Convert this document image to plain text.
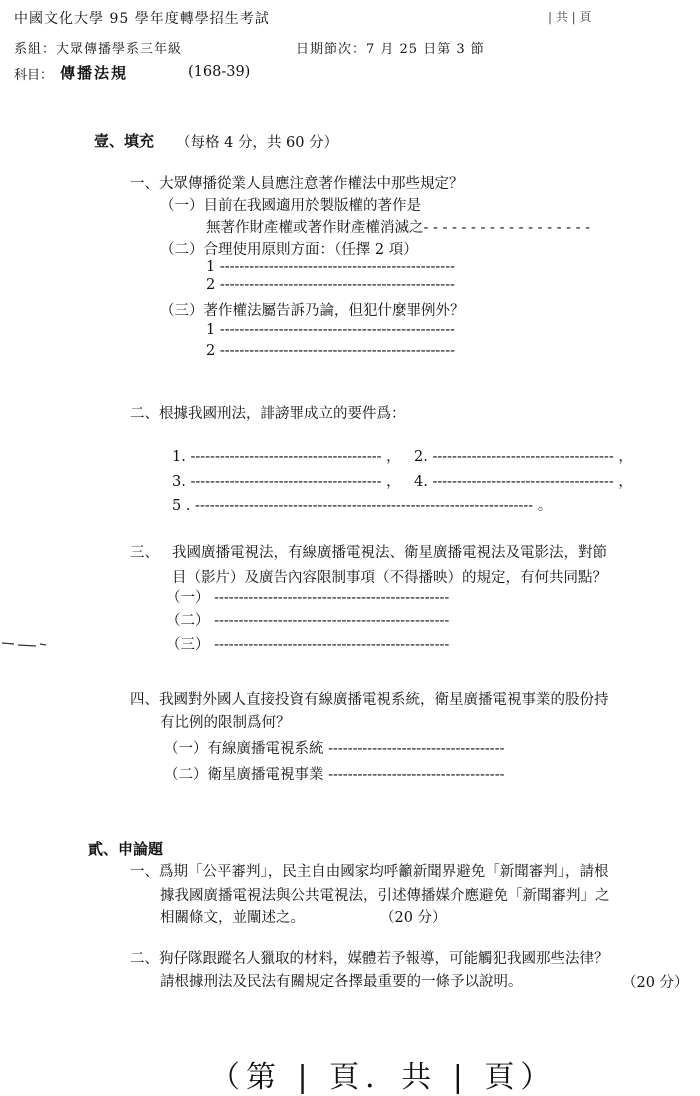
中國文化大學 95 學年度轉學招生考試	| 共 | 頁
系組：大眾傳播學系三年級	日期節次：7 月 25 日第 3 節
科目： 傳播法規	(168-39)
壹、填充 （每格 4 分，共 60 分）
一、大眾傳播從業人員應注意著作權法中那些規定？
（一）目前在我國適用於製版權的著作是
無著作財產權或著作財產權消滅之- - - - - - - - - - - - - - - - - -
（二）合理使用原則方面：（任擇 2 項）
1 ------------------------------------------------
2 ------------------------------------------------
（三）著作權法屬告訴乃論，但犯什麼罪例外？
1 ------------------------------------------------
2 ------------------------------------------------
二、根據我國刑法，誹謗罪成立的要件爲：
1. --------------------------------------- ， 2. ------------------------------------- ，
3. --------------------------------------- ， 4. ------------------------------------- ，
5 . --------------------------------------------------------------------- 。
三、 我國廣播電視法，有線廣播電視法、衛星廣播電視法及電影法，對節
目（影片）及廣告內容限制事項（不得播映）的規定，有何共同點？
（一） ------------------------------------------------
（二） ------------------------------------------------
（三） ------------------------------------------------
四、我國對外國人直接投資有線廣播電視系統，衛星廣播電視事業的股份持
有比例的限制爲何？
（一）有線廣播電視系統 ------------------------------------
（二）衛星廣播電視事業 ------------------------------------
貳、申論題
一、爲期「公平審判」，民主自由國家均呼籲新聞界避免「新聞審判」，請根
據我國廣播電視法與公共電視法，引述傳播媒介應避免「新聞審判」之
相關條文，並闡述之。	（20 分）
二、狗仔隊跟蹤名人獵取的材料，媒體若予報導，可能觸犯我國那些法律？
請根據刑法及民法有關規定各擇最重要的一條予以說明。	（20 分）
（第 | 頁．共 | 頁）
